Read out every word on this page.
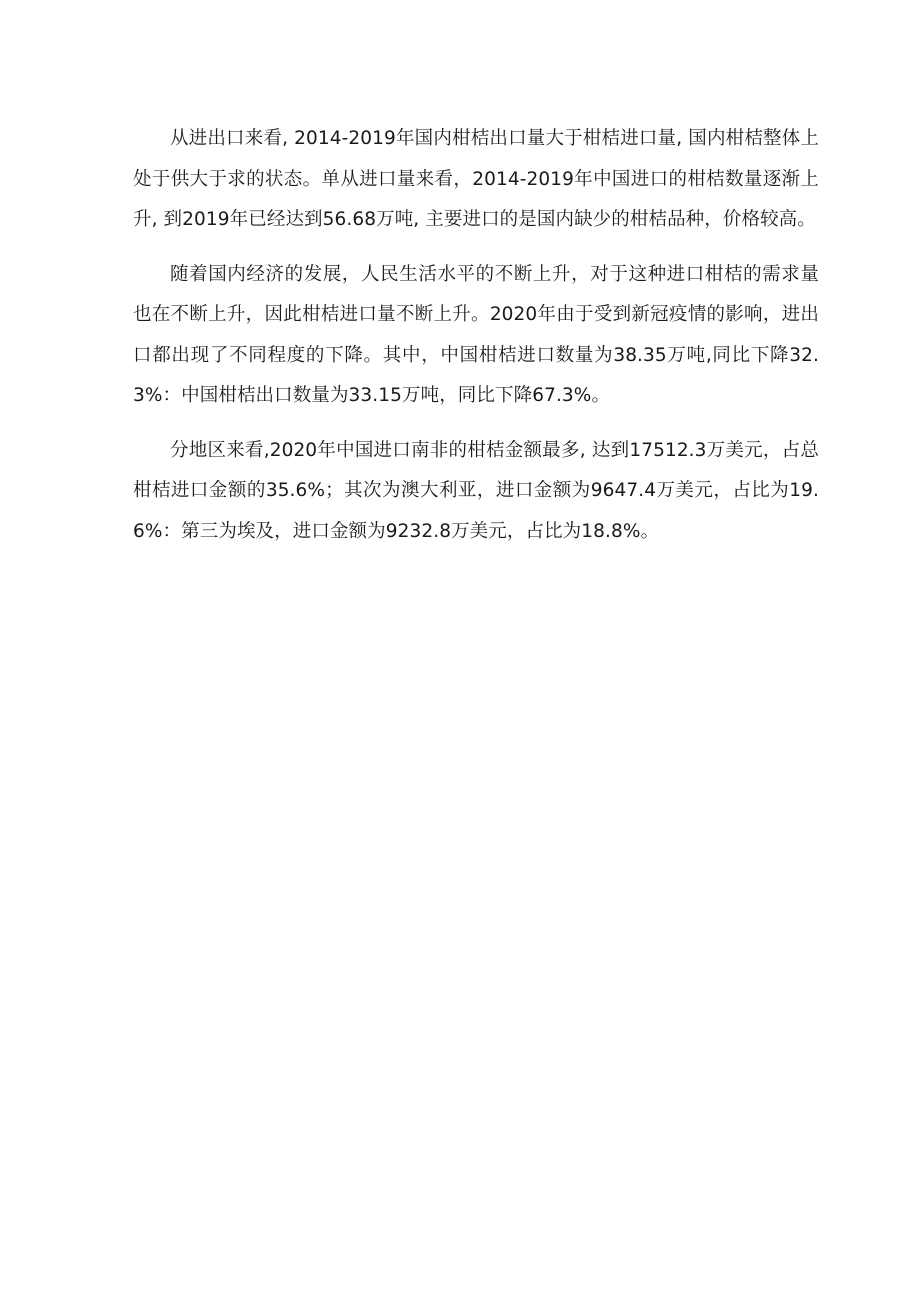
从进出口来看, 2014-2019年国内柑桔出口量大于柑桔进口量, 国内柑桔整体上处于供大于求的状态。单从进口量来看，2014-2019年中国进口的柑桔数量逐渐上升, 到2019年已经达到56.68万吨, 主要进口的是国内缺少的柑桔品种，价格较高。

随着国内经济的发展，人民生活水平的不断上升，对于这种进口柑桔的需求量也在不断上升，因此柑桔进口量不断上升。2020年由于受到新冠疫情的影响，进出口都出现了不同程度的下降。其中，中国柑桔进口数量为38.35万吨,同比下降32.3%：中国柑桔出口数量为33.15万吨，同比下降67.3%。

分地区来看,2020年中国进口南非的柑桔金额最多, 达到17512.3万美元，占总柑桔进口金额的35.6%；其次为澳大利亚，进口金额为9647.4万美元，占比为19.6%：第三为埃及，进口金额为9232.8万美元，占比为18.8%。
